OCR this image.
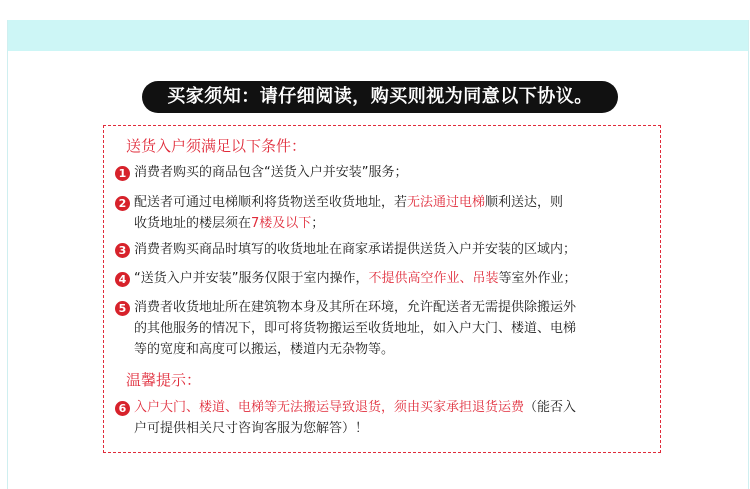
买家须知：请仔细阅读，购买则视为同意以下协议。
送货入户须满足以下条件：
1 消费者购买的商品包含“送货入户并安装”服务；
2 配送者可通过电梯顺利将货物送至收货地址，若无法通过电梯顺利送达，则
收货地址的楼层须在7楼及以下；
3 消费者购买商品时填写的收货地址在商家承诺提供送货入户并安装的区域内；
4 “送货入户并安装”服务仅限于室内操作，不提供高空作业、吊装等室外作业；
5 消费者收货地址所在建筑物本身及其所在环境，允许配送者无需提供除搬运外
的其他服务的情况下，即可将货物搬运至收货地址，如入户大门、楼道、电梯
等的宽度和高度可以搬运，楼道内无杂物等。
温馨提示：
6 入户大门、楼道、电梯等无法搬运导致退货，须由买家承担退货运费（能否入
户可提供相关尺寸咨询客服为您解答）！
